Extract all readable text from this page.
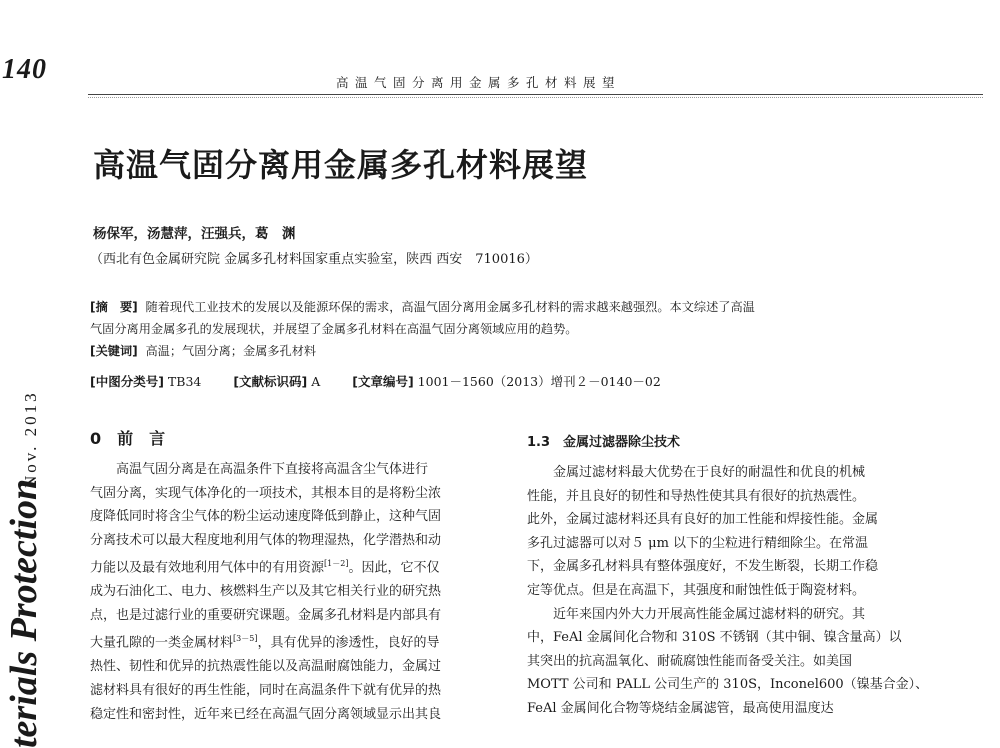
140	高温气固分离用金属多孔材料展望
Nov. 2013
terials Protection
高温气固分离用金属多孔材料展望
杨保军，汤慧萍，汪强兵，葛　渊
（西北有色金属研究院 金属多孔材料国家重点实验室，陕西 西安　710016）
[摘　要] 随着现代工业技术的发展以及能源环保的需求，高温气固分离用金属多孔材料的需求越来越强烈。本文综述了高温
气固分离用金属多孔的发展现状，并展望了金属多孔材料在高温气固分离领域应用的趋势。
[关键词] 高温；气固分离；金属多孔材料
[中图分类号] TB34	[文献标识码] A	[文章编号] 1001－1560（2013）增刊２－0140－02
0　前　言
  高温气固分离是在高温条件下直接将高温含尘气体进行
气固分离，实现气体净化的一项技术，其根本目的是将粉尘浓
度降低同时将含尘气体的粉尘运动速度降低到静止，这种气固
分离技术可以最大程度地利用气体的物理湿热，化学潜热和动
力能以及最有效地利用气体中的有用资源[1－2]。因此，它不仅
成为石油化工、电力、核燃料生产以及其它相关行业的研究热
点，也是过滤行业的重要研究课题。金属多孔材料是内部具有
大量孔隙的一类金属材料[3－5]，具有优异的渗透性，良好的导
热性、韧性和优异的抗热震性能以及高温耐腐蚀能力，金属过
滤材料具有很好的再生性能，同时在高温条件下就有优异的热
稳定性和密封性，近年来已经在高温气固分离领域显示出其良
1.3　金属过滤器除尘技术
  金属过滤材料最大优势在于良好的耐温性和优良的机械
性能，并且良好的韧性和导热性使其具有很好的抗热震性。
此外，金属过滤材料还具有良好的加工性能和焊接性能。金属
多孔过滤器可以对５ μm 以下的尘粒进行精细除尘。在常温
下，金属多孔材料具有整体强度好，不发生断裂，长期工作稳
定等优点。但是在高温下，其强度和耐蚀性低于陶瓷材料。
  近年来国内外大力开展高性能金属过滤材料的研究。其
中，FeAl 金属间化合物和 310S 不锈钢（其中铜、镍含量高）以
其突出的抗高温氧化、耐硫腐蚀性能而备受关注。如美国
MOTT 公司和 PALL 公司生产的 310S，Inconel600（镍基合金）、
FeAl 金属间化合物等烧结金属滤管，最高使用温度达
